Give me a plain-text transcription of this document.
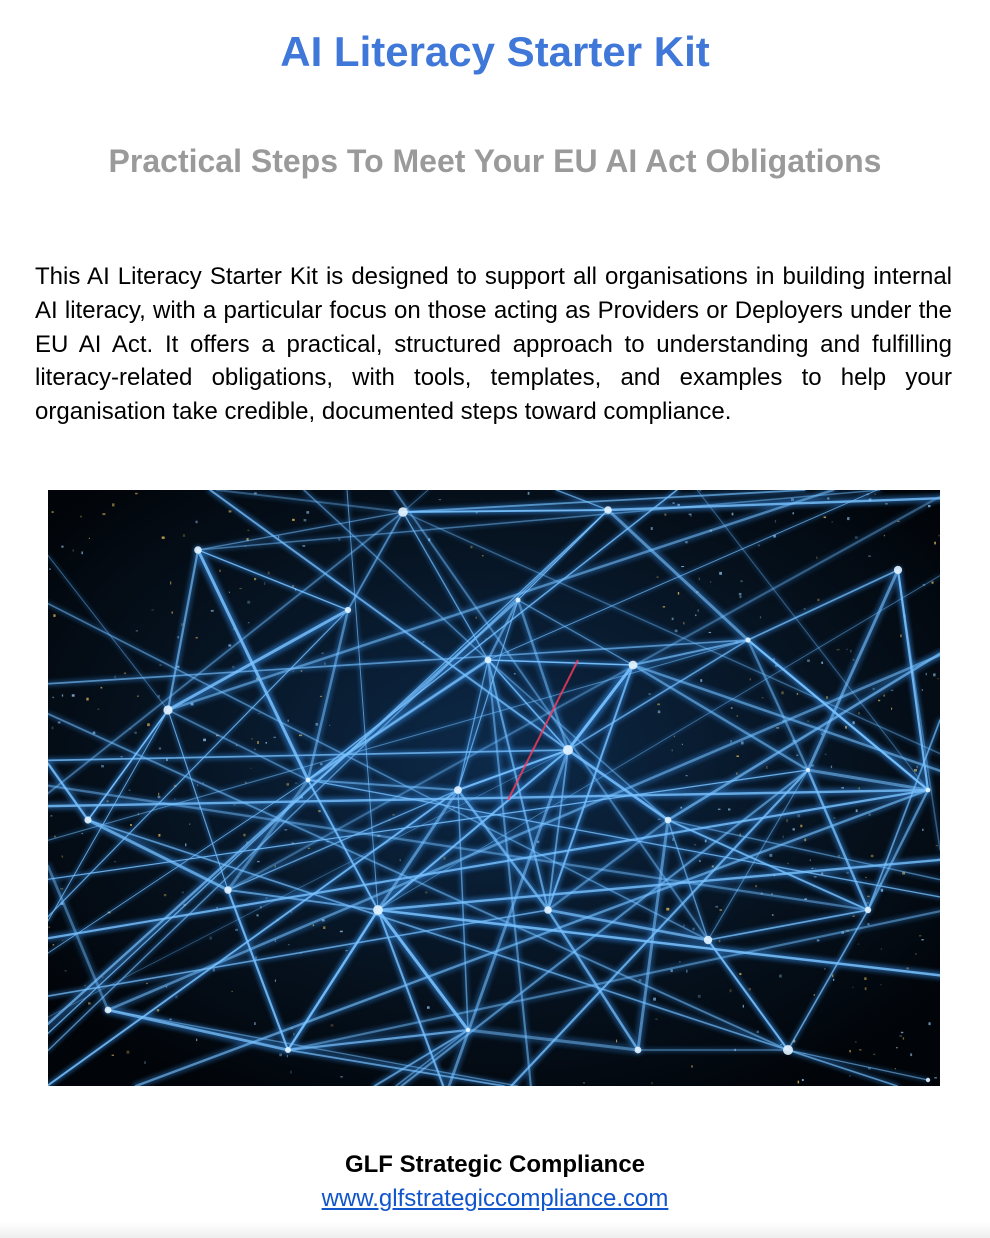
AI Literacy Starter Kit
Practical Steps To Meet Your EU AI Act Obligations

This AI Literacy Starter Kit is designed to support all organisations in building internal AI literacy, with a particular focus on those acting as Providers or Deployers under the EU AI Act. It offers a practical, structured approach to understanding and fulfilling literacy-related obligations, with tools, templates, and examples to help your organisation take credible, documented steps toward compliance.

GLF Strategic Compliance
www.glfstrategiccompliance.com
